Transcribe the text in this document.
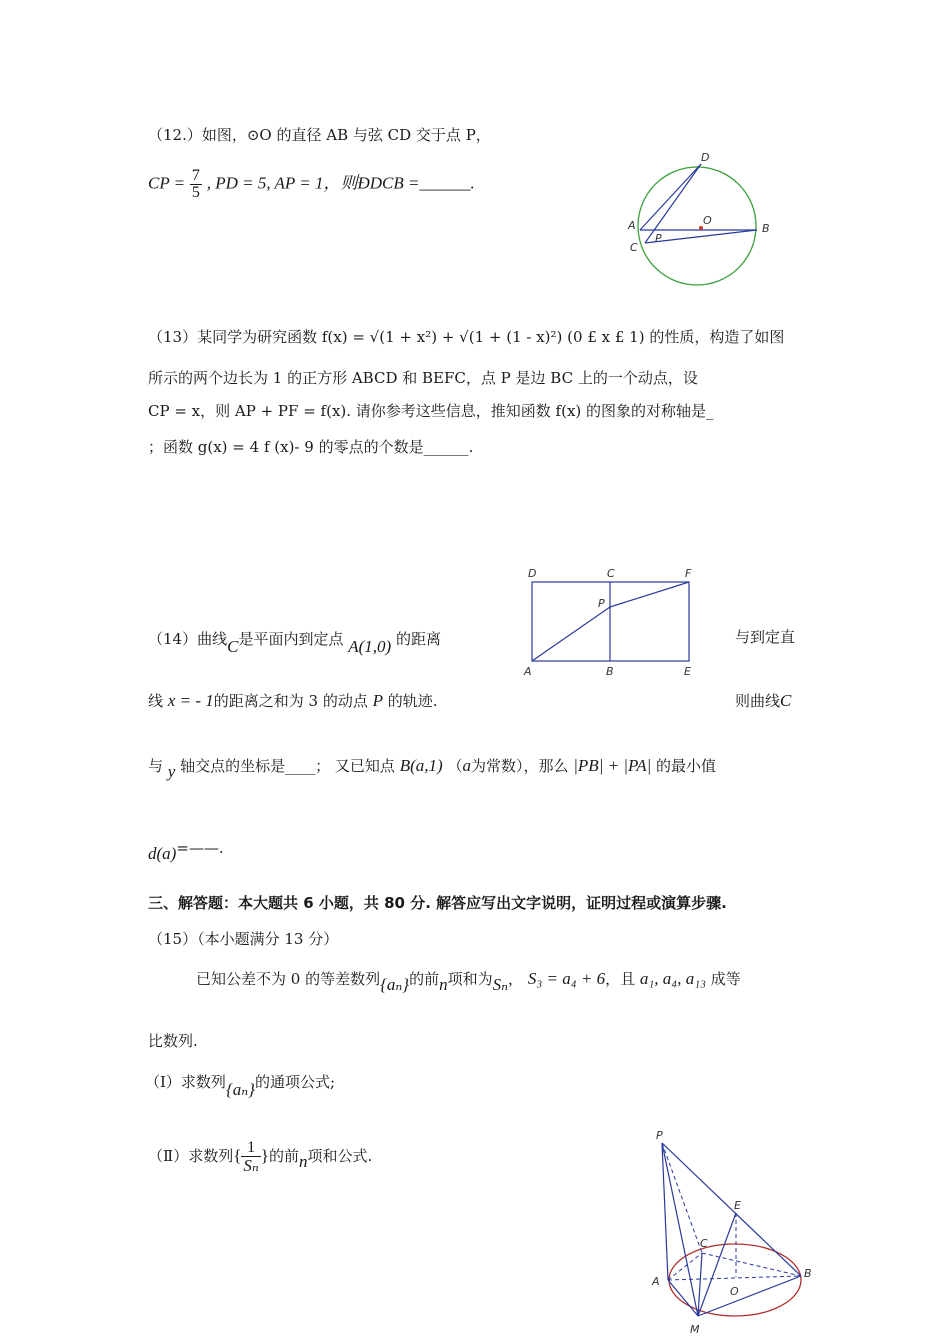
（12.）如图，⊙O 的直径 AB 与弦 CD 交于点 P，
CP = $\frac{7}{5}$ , PD = 5, AP = 1，则ÐDCB =______.
D
A	O
B
P
C
（13）某同学为研究函数 f(x) = √(1 + x²) + √(1 + (1 - x)²) (0 £ x £ 1) 的性质，构造了如图
所示的两个边长为 1 的正方形 ABCD 和 BEFC，点 P 是边 BC 上的一个动点，设
CP = x，则 AP + PF = f(x). 请你参考这些信息，推知函数 f(x) 的图象的对称轴是_
；函数 g(x) = 4 f (x)- 9 的零点的个数是______.
D	C	F
P
A	B	E
（14）曲线C是平面内到定点 A(1,0) 的距离	与到定直
线 x = - 1的距离之和为 3 的动点 P 的轨迹.	则曲线C
与 y 轴交点的坐标是____； 又已知点 B(a,1) （a为常数），那么 |PB| + |PA| 的最小值
d(a)=——.
三、解答题：本大题共 6 小题，共 80 分. 解答应写出文字说明，证明过程或演算步骤.
（15）（本小题满分 13 分）
已知公差不为 0 的等差数列{aₙ}的前n项和为Sₙ， S₃ = a₄ + 6，且 a₁, a₄, a₁₃ 成等
比数列.
（Ⅰ）求数列{aₙ}的通项公式;
（Ⅱ）求数列{ $\frac{1}{\text{Sₙ}}$ }的前n项和公式.
P
E
C
A
O
B
M
